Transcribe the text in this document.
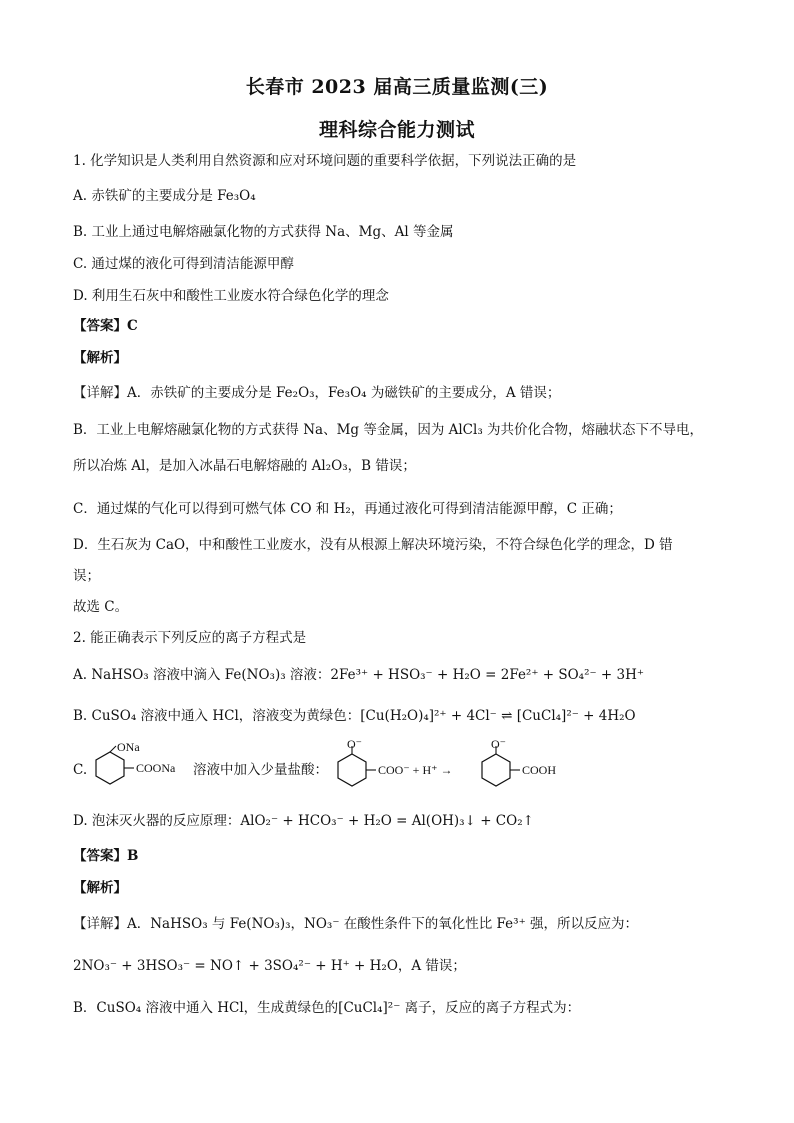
长春市 2023 届高三质量监测(三)
理科综合能力测试
1. 化学知识是人类利用自然资源和应对环境问题的重要科学依据，下列说法正确的是
A. 赤铁矿的主要成分是 Fe₃O₄
B. 工业上通过电解熔融氯化物的方式获得 Na、Mg、Al 等金属
C. 通过煤的液化可得到清洁能源甲醇
D. 利用生石灰中和酸性工业废水符合绿色化学的理念
【答案】C
【解析】
【详解】A．赤铁矿的主要成分是 Fe₂O₃，Fe₃O₄ 为磁铁矿的主要成分，A 错误；
B．工业上电解熔融氯化物的方式获得 Na、Mg 等金属，因为 AlCl₃ 为共价化合物，熔融状态下不导电，
所以冶炼 Al，是加入冰晶石电解熔融的 Al₂O₃，B 错误；
C．通过煤的气化可以得到可燃气体 CO 和 H₂，再通过液化可得到清洁能源甲醇，C 正确；
D．生石灰为 CaO，中和酸性工业废水，没有从根源上解决环境污染，不符合绿色化学的理念，D 错
误；
故选 C。
2. 能正确表示下列反应的离子方程式是
A. NaHSO₃ 溶液中滴入 Fe(NO₃)₃ 溶液：2Fe³⁺ + HSO₃⁻ + H₂O = 2Fe²⁺ + SO₄²⁻ + 3H⁺
B. CuSO₄ 溶液中通入 HCl，溶液变为黄绿色：[Cu(H₂O)₄]²⁺ + 4Cl⁻ ⇌ [CuCl₄]²⁻ + 4H₂O
C.
ONa
COONa 溶液中加入少量盐酸：
O⁻
COO⁻ + H⁺ →
O⁻
COOH
D. 泡沫灭火器的反应原理：AlO₂⁻ + HCO₃⁻ + H₂O = Al(OH)₃↓ + CO₂↑
【答案】B
【解析】
【详解】A．NaHSO₃ 与 Fe(NO₃)₃，NO₃⁻ 在酸性条件下的氧化性比 Fe³⁺ 强，所以反应为：
2NO₃⁻ + 3HSO₃⁻ = NO↑ + 3SO₄²⁻ + H⁺ + H₂O，A 错误；
B．CuSO₄ 溶液中通入 HCl，生成黄绿色的[CuCl₄]²⁻ 离子，反应的离子方程式为：
